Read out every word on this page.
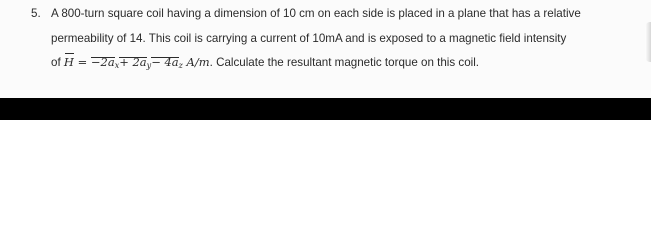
5. A 800-turn square coil having a dimension of 10 cm on each side is placed in a plane that has a relative
permeability of 14. This coil is carrying a current of 10mA and is exposed to a magnetic field intensity
of $H = -2a_x+ 2a_y- 4a_z$ A/m. Calculate the resultant magnetic torque on this coil.
